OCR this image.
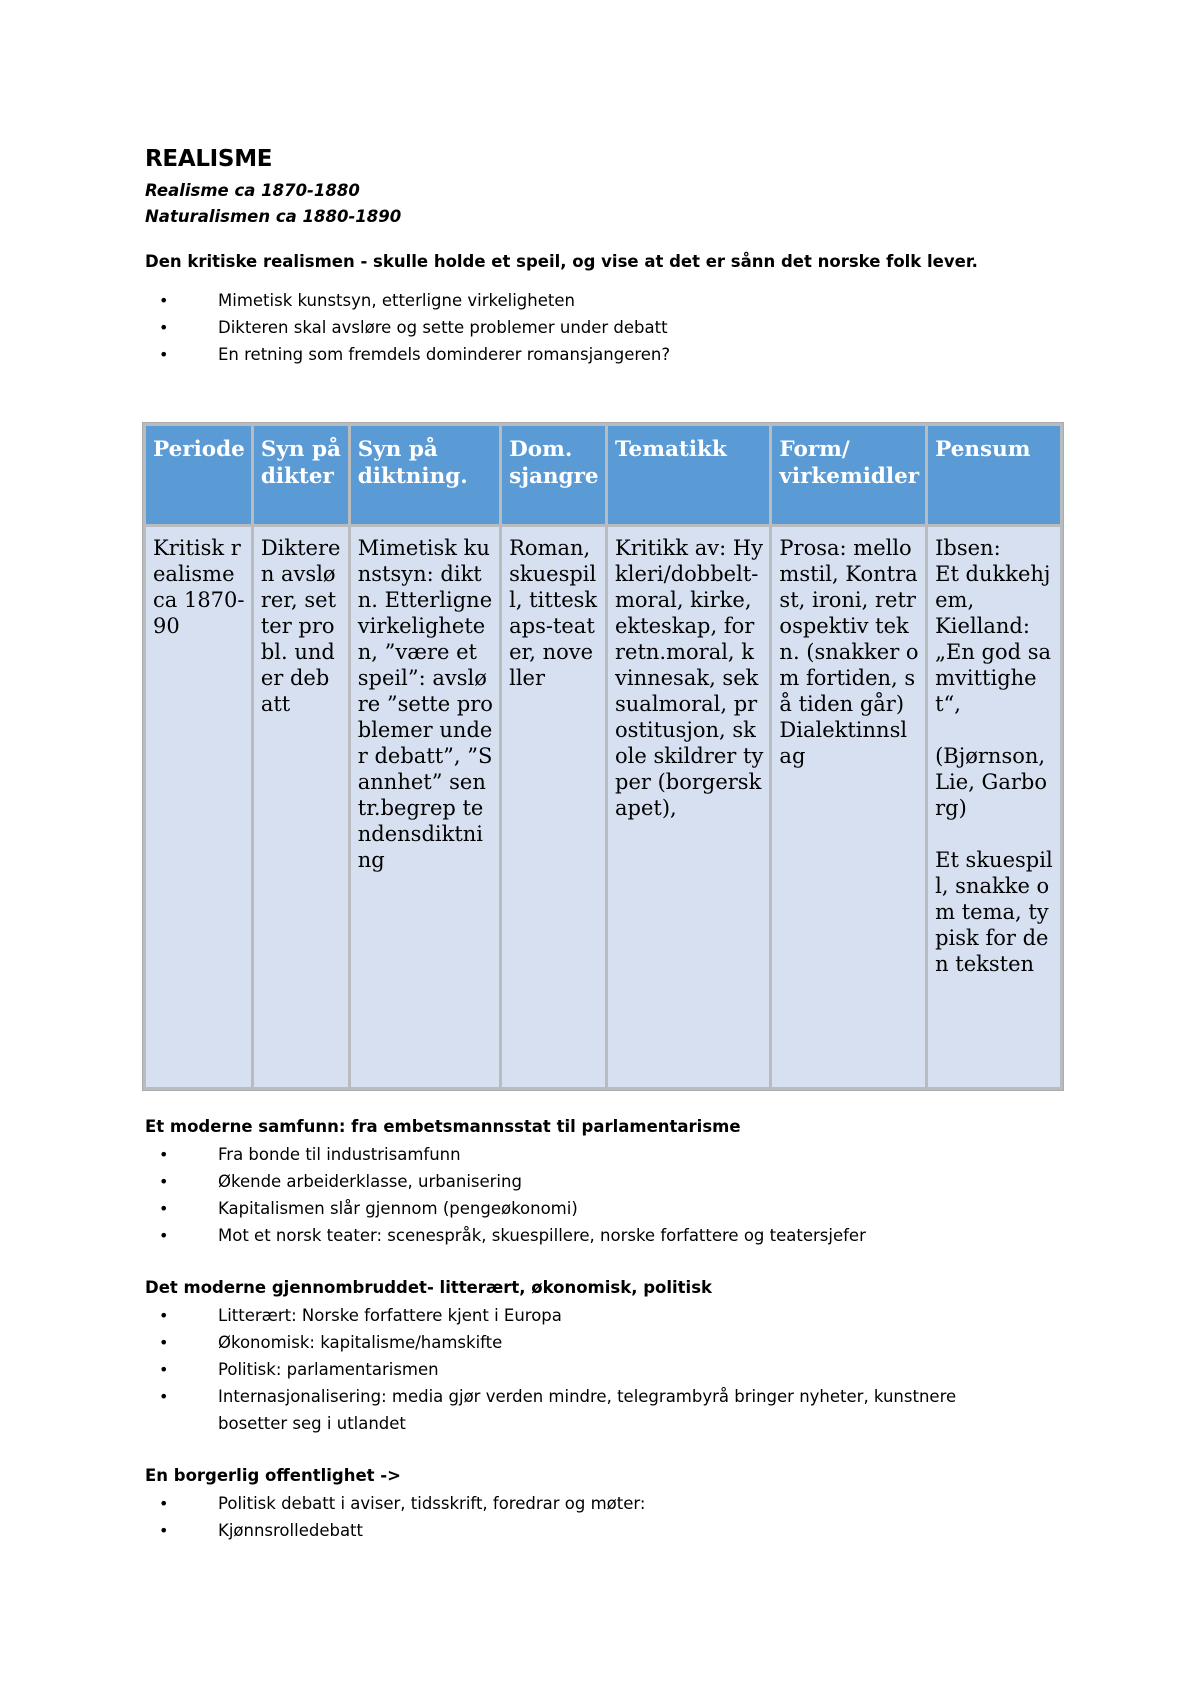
REALISME
Realisme ca 1870-1880
Naturalismen ca 1880-1890
Den kritiske realismen - skulle holde et speil, og vise at det er sånn det norske folk lever.
•	Mimetisk kunstsyn, etterligne virkeligheten
•	Dikteren skal avsløre og sette problemer under debatt
•	En retning som fremdels dominderer romansjangeren?
Periode	Syn på dikter	Syn på diktning.	Dom. sjangre	Tematikk	Form/ virkemidler	Pensum

Kritisk realisme ca 1870-90	Dikteren avslører, setter probl. under debatt	Mimetisk kunstsyn: diktn. Etterligne virkeligheten, ”være et speil”: avsløre ”sette problemer under debatt”, ”Sannhet” sentr.begrep tendensdiktning	Roman, skuespill, titteskaps-teater, noveller	Kritikk av: Hykleri/dobbelt-moral, kirke, ekteskap, forretn.moral, kvinnesak, seksualmoral, prostitusjon, skole skildrer typer (borgerskapet),	Prosa: mellomstil, Kontrast, ironi, retrospektiv tekn. (snakker om fortiden, så tiden går) Dialektinnslag	Ibsen:
Et dukkehjem,
Kielland: „En god samvittighet“,
(Bjørnson, Lie, Garborg)
Et skuespill, snakke om tema, typisk for den teksten
Et moderne samfunn: fra embetsmannsstat til parlamentarisme
•	Fra bonde til industrisamfunn
•	Økende arbeiderklasse, urbanisering
•	Kapitalismen slår gjennom (pengeøkonomi)
•	Mot et norsk teater: scenespråk, skuespillere, norske forfattere og teatersjefer
Det moderne gjennombruddet- litterært, økonomisk, politisk
•	Litterært: Norske forfattere kjent i Europa
•	Økonomisk: kapitalisme/hamskifte
•	Politisk: parlamentarismen
•	Internasjonalisering: media gjør verden mindre, telegrambyrå bringer nyheter, kunstnere bosetter seg i utlandet
En borgerlig offentlighet ->
•	Politisk debatt i aviser, tidsskrift, foredrar og møter:
•	Kjønnsrolledebatt
